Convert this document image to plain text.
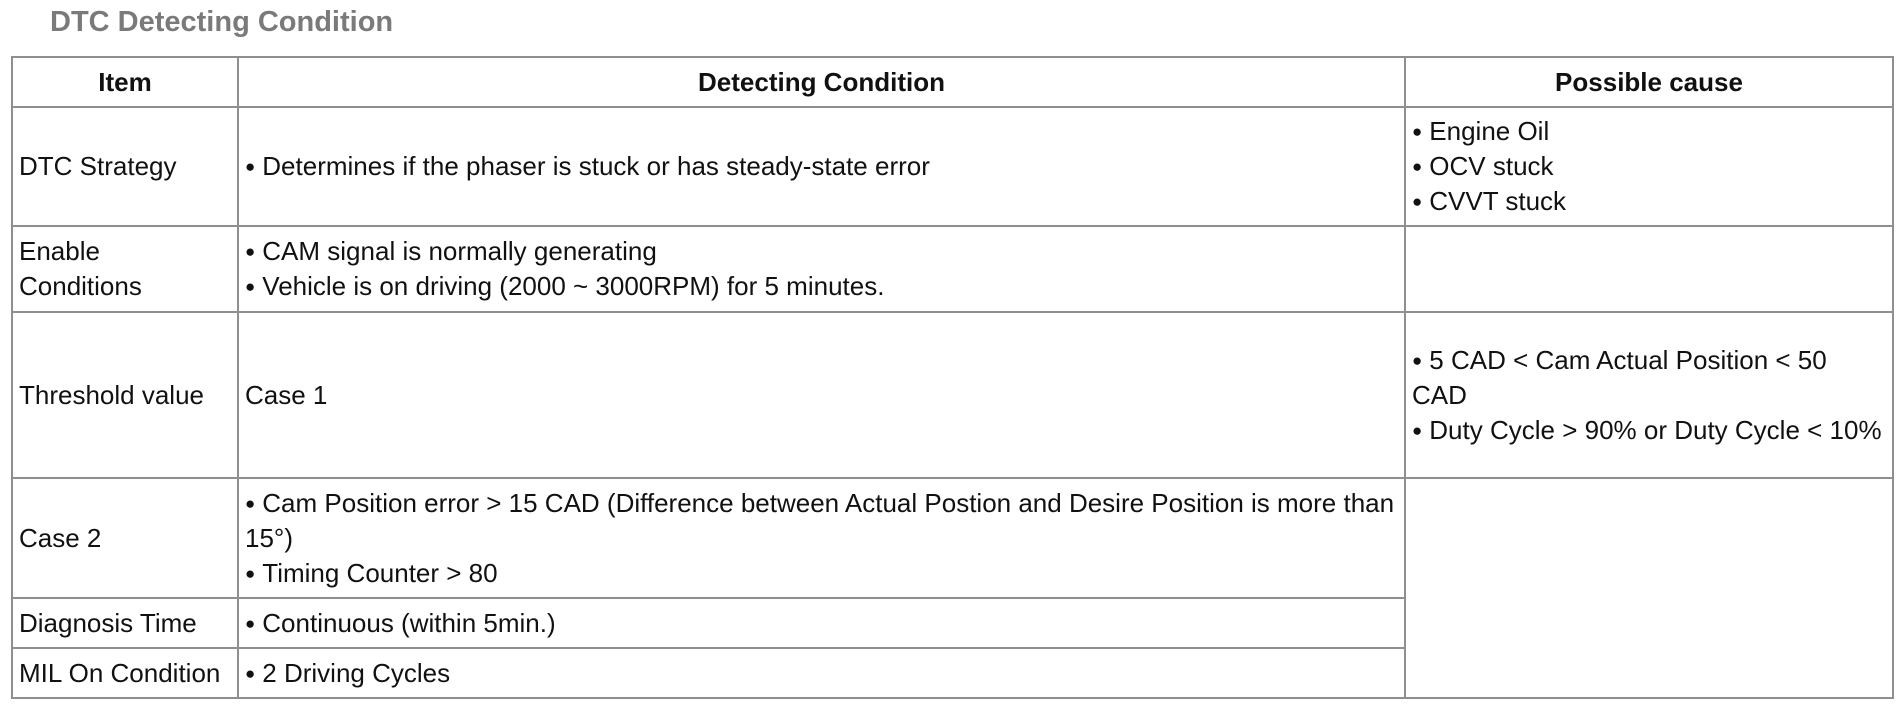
DTC Detecting Condition
Item	Detecting Condition	Possible cause
DTC Strategy	● Determines if the phaser is stuck or has steady-state error	● Engine Oil
● OCV stuck
● CVVT stuck

Enable
Conditions	● CAM signal is normally generating
● Vehicle is on driving (2000 ~ 3000RPM) for 5 minutes.

Threshold value	Case 1	● 5 CAD < Cam Actual Position < 50 CAD
● Duty Cycle > 90% or Duty Cycle < 10%

Case 2	● Cam Position error > 15 CAD (Difference between Actual Postion and Desire Position is more than 15°)
● Timing Counter > 80

Diagnosis Time	● Continuous (within 5min.)

MIL On Condition	● 2 Driving Cycles
